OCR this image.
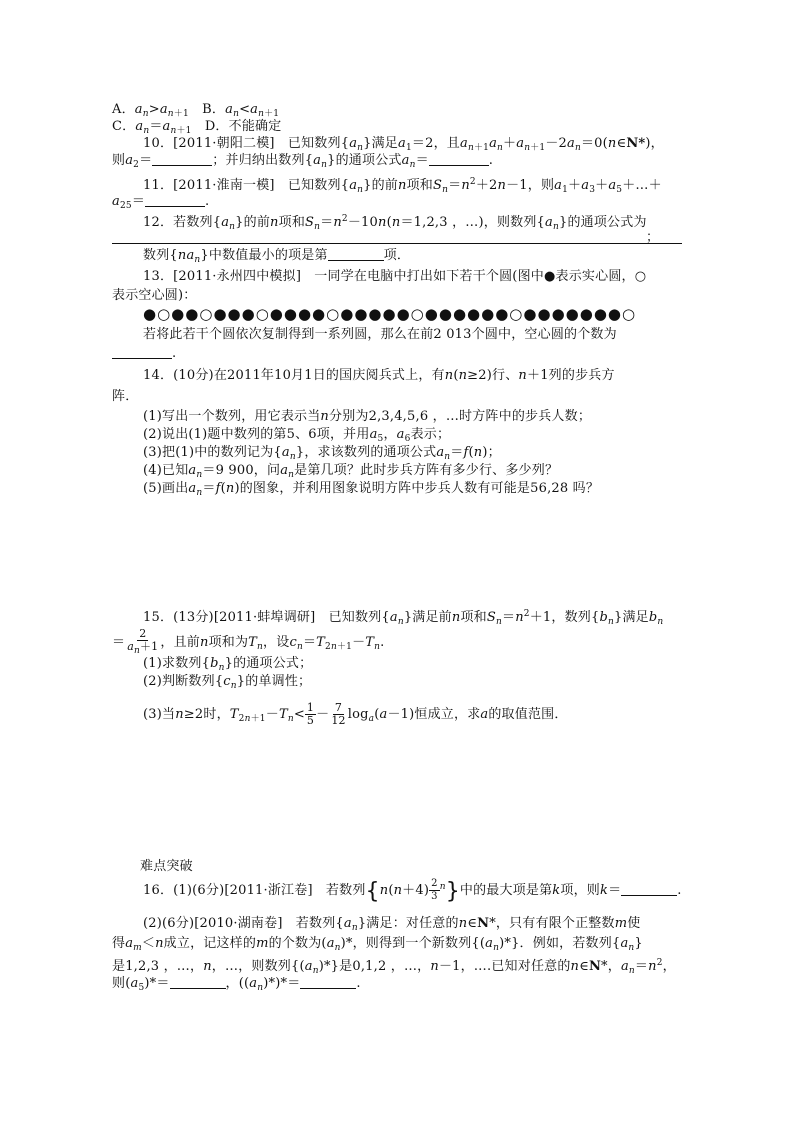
A．$a_n>a_{n+1}$　 B．$a_n<a_{n+1}$
C．$a_n=a_{n+1}$　 D．不能确定
10．[2011·朝阳二模]　已知数列$\{a_n\}$满足$a_1=2$，且$a_{n+1}a_n+a_{n+1}-2a_n=0(n\in N*)$，
则$a_2=$	；并归纳出数列$\{a_n\}$的通项公式$a_n=$	.
11．[2011·淮南一模]　已知数列$\{a_n\}$的前n项和$S_n=n^2+2n-1$，则$a_1+a_3+a_5+\dots+$
$a_{25}=$	.
12．若数列$\{a_n\}$的前n项和$S_n=n^2-10n(n=1,2,3$ ，…)，则数列$\{a_n\}$的通项公式为
；
数列$\{na_n\}$中数值最小的项是第	项．
13．[2011·永州四中模拟]　一同学在电脑中打出如下若干个圆(图中●表示实心圆，○
表示空心圆)：
●○●●○●●●○●●●●○●●●●●○●●●●●●○●●●●●●●○
若将此若干个圆依次复制得到一系列圆，那么在前2 013个圆中，空心圆的个数为
.
14．(10分)在2011年10月1日的国庆阅兵式上，有n(n≥2)行、n＋1列的步兵方
阵．
(1)写出一个数列，用它表示当n分别为2,3,4,5,6 ，…时方阵中的步兵人数；
(2)说出(1)题中数列的第5、6项，并用$a_5$，$a_6$表示；
(3)把(1)中的数列记为$\{a_n\}$，求该数列的通项公式$a_n=f(n)$；
(4)已知$a_n=9$ 900，问$a_n$是第几项？此时步兵方阵有多少行、多少列？
(5)画出$a_n=f(n)$的图象，并利用图象说明方阵中步兵人数有可能是56,28 吗？
15．(13分)[2011·蚌埠调研]　已知数列$\{a_n\}$满足前n项和$S_n=n^2+1$，数列$\{b_n\}$满足$b_n$
＝ $\frac{2}{a_n+1}$ ，且前n项和为$T_n$，设$c_n=T_{2n+1}-T_n$.
(1)求数列$\{b_n\}$的通项公式；
(2)判断数列$\{c_n\}$的单调性；
(3)当n≥2时，$T_{2n+1}-T_n< \frac{1}{5} - \frac{7}{12} \log_a(a-1)$恒成立，求a的取值范围．
难点突破
16．(1)(6分)[2011·浙江卷]　若数列$\{n(n+4) \frac{2}{3} ^n\}$中的最大项是第k项，则k＝	.
(2)(6分)[2010·湖南卷]　若数列$\{a_n\}$满足：对任意的n∈N*，只有有限个正整数m使
得$a_m<n$成立，记这样的m的个数为$(a_n)*$，则得到一个新数列$\{(a_n)*\}$．例如，若数列$\{a_n\}$
是1,2,3 ，…，n，…，则数列$\{(a_n)*\}$是0,1,2 ，…，n－1，….已知对任意的n∈N*，$a_n=n^2$，
则$(a_5)*=$	，$((a_n)*)*=$	.
